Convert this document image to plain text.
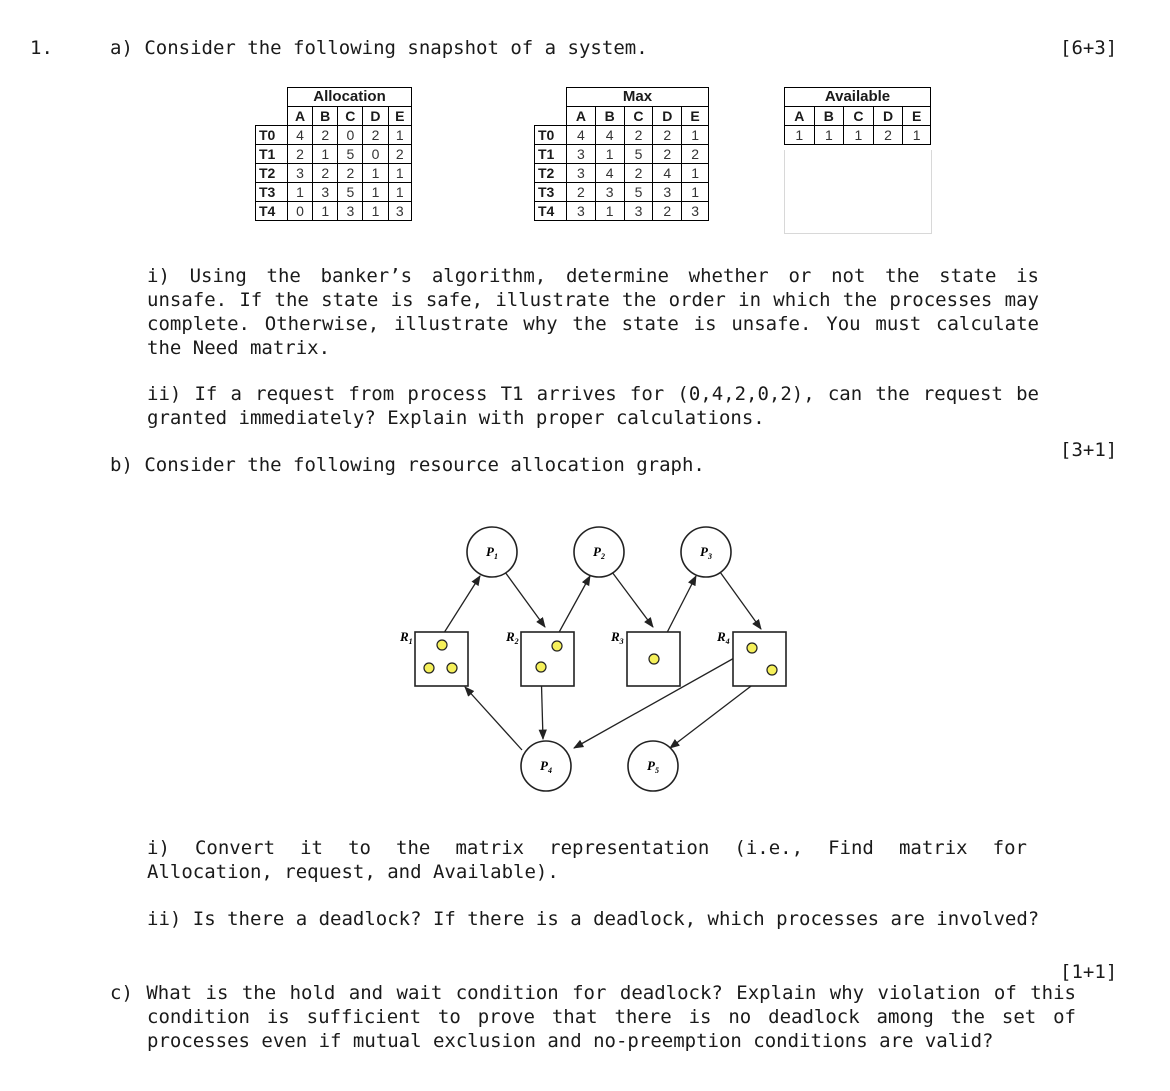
1.	a) Consider the following snapshot of a system.	[6+3]
	Allocation				
	A	B	C	D	E
T0	4	2	0	2	1
T1	2	1	5	0	2
T2	3	2	2	1	1
T3	1	3	5	1	1
T4	0	1	3	1	3
	Max				
	A	B	C	D	E
T0	4	4	2	2	1
T1	3	1	5	2	2
T2	3	4	2	4	1
T3	2	3	5	3	1
T4	3	1	3	2	3
Available				
A	B	C	D	E
1	1	1	2	1
i) Using the banker’s algorithm, determine whether or not the state is unsafe. If the state is safe, illustrate the order in which the processes may complete. Otherwise, illustrate why the state is unsafe. You must calculate the Need matrix.
ii) If a request from process T1 arrives for (0,4,2,0,2), can the request be granted immediately? Explain with proper calculations.
[3+1]
b) Consider the following resource allocation graph.
$P_1$	$P_2$	$P_3$
$P_4$	$P_5$
$R_1$	$R_2$	$R_3$	$R_4$
i) Convert it to the matrix representation (i.e., Find matrix for Allocation, request, and Available).
ii) Is there a deadlock? If there is a deadlock, which processes are involved?
[1+1]
c) What is the hold and wait condition for deadlock? Explain why violation of this condition is sufficient to prove that there is no deadlock among the set of processes even if mutual exclusion and no-preemption conditions are valid?
